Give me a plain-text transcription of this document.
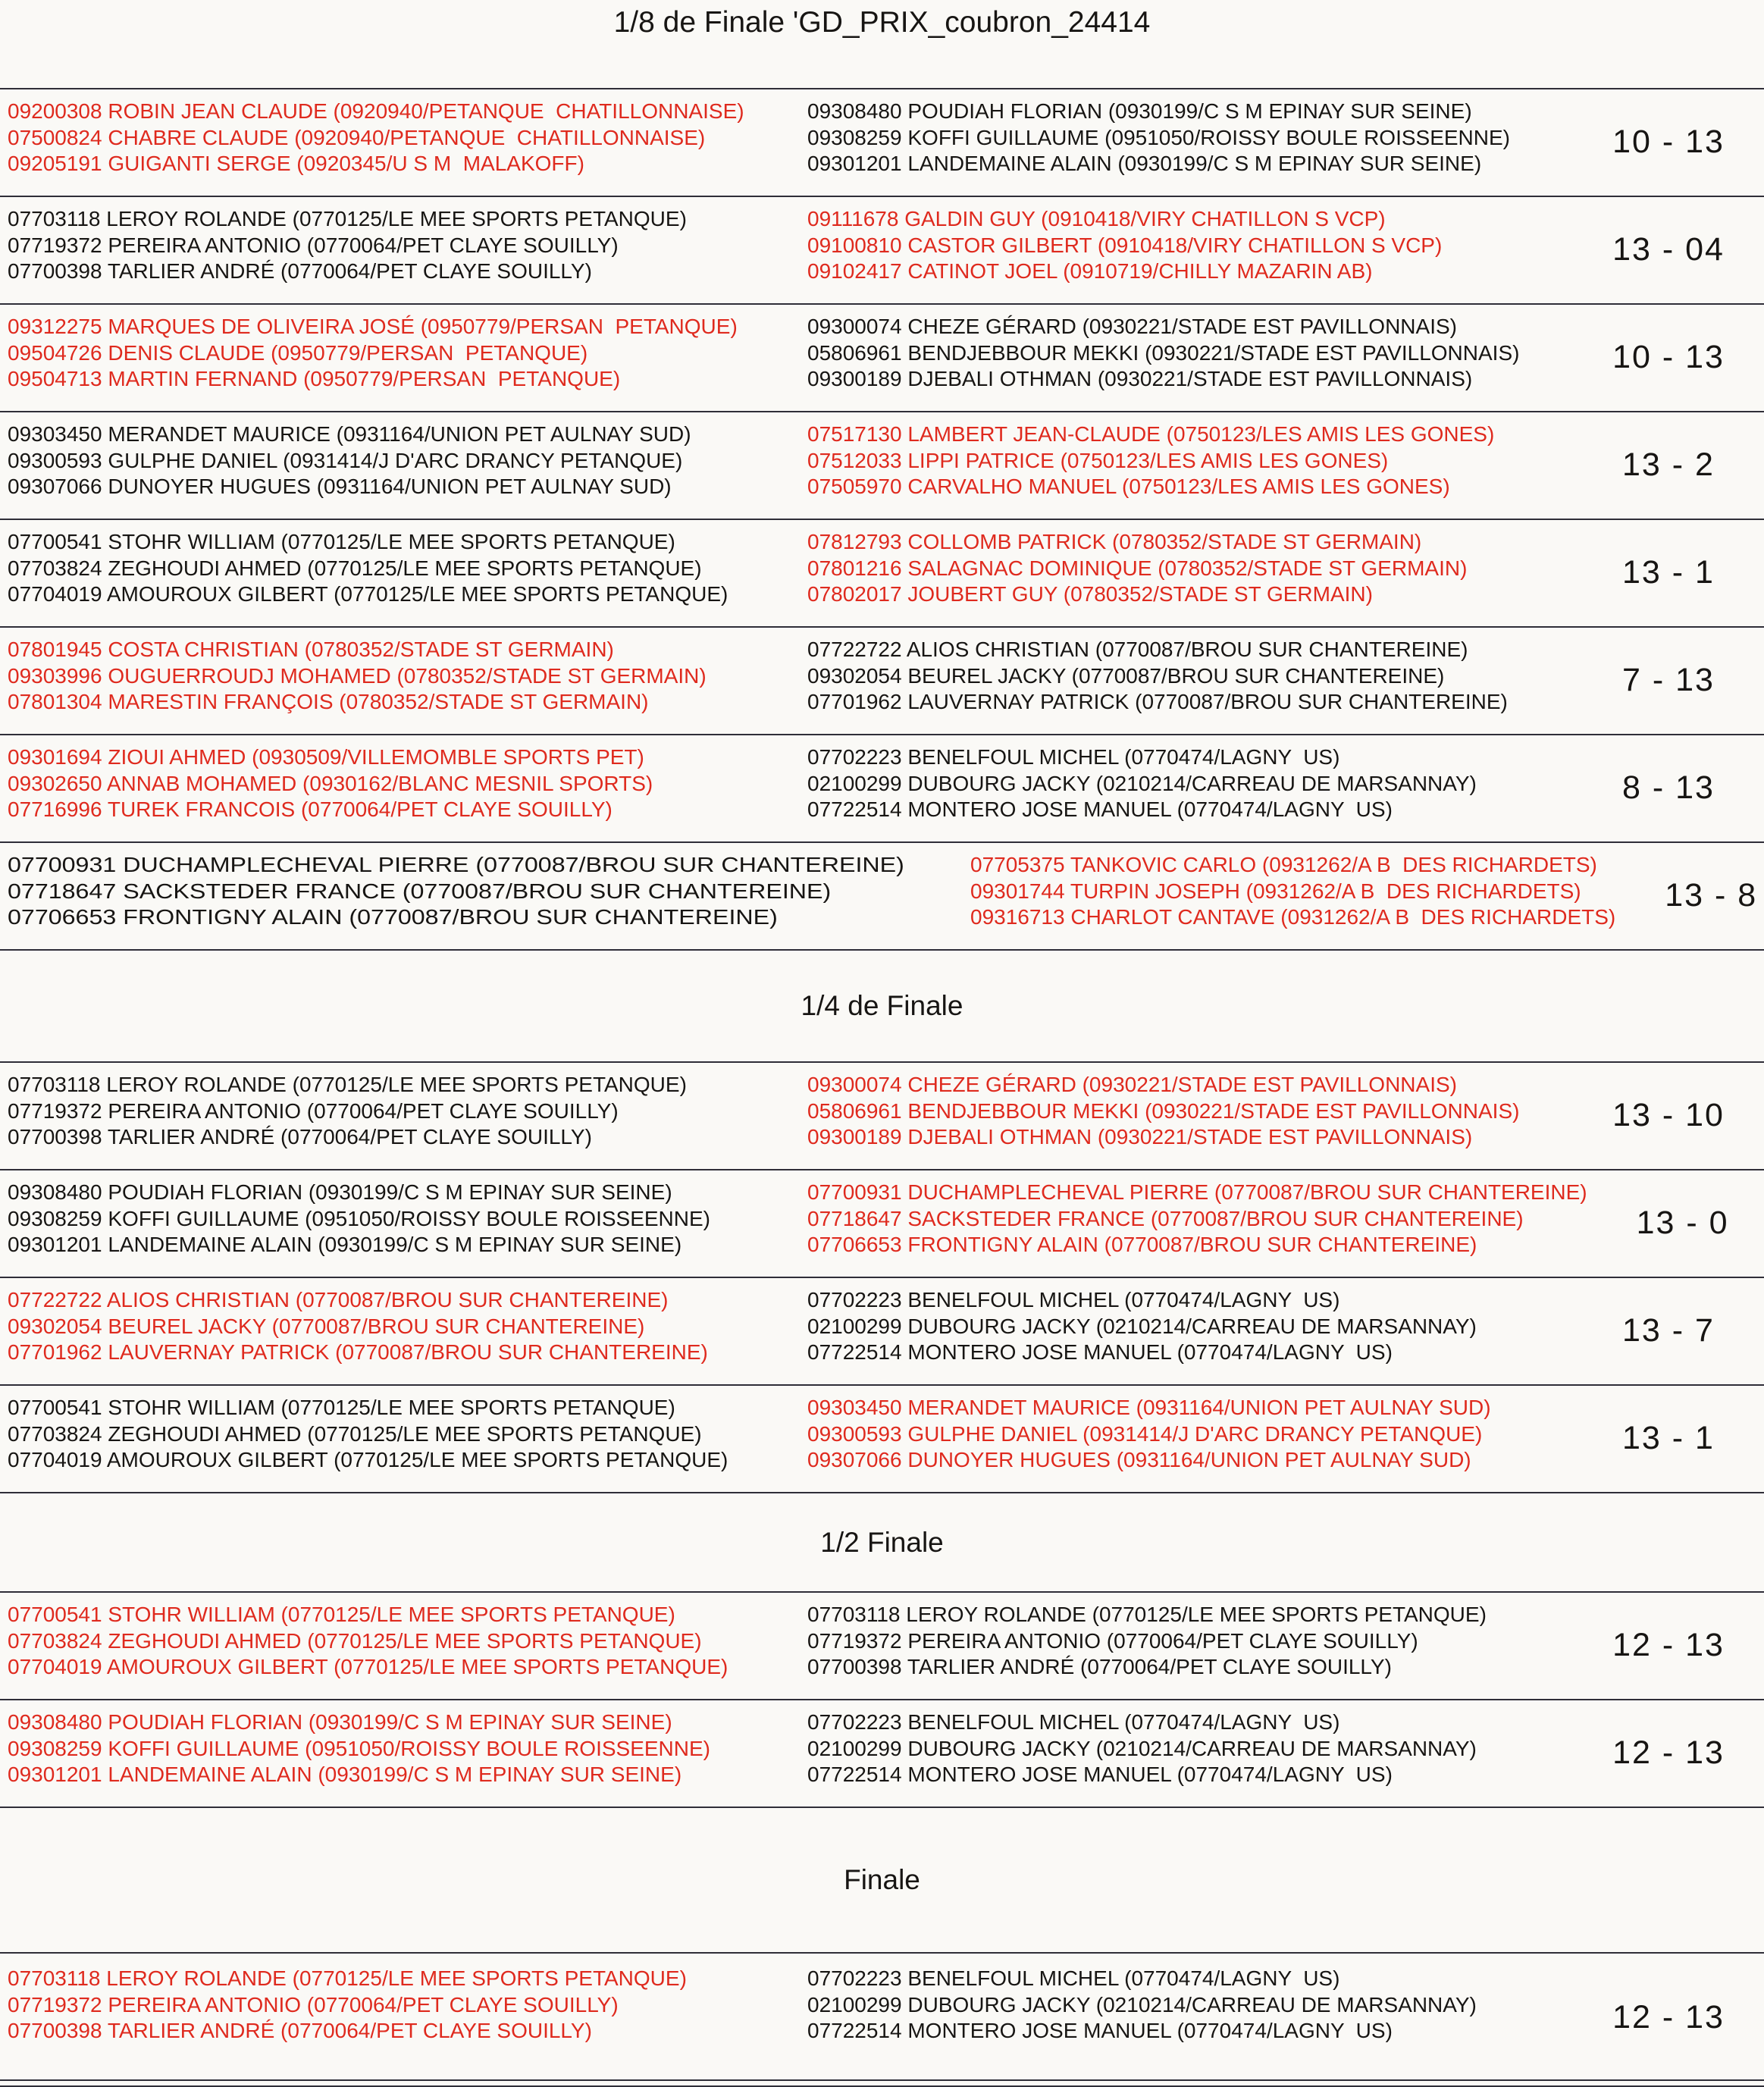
1/8 de Finale 'GD_PRIX_coubron_24414
09200308 ROBIN JEAN CLAUDE (0920940/PETANQUE  CHATILLONNAISE)
07500824 CHABRE CLAUDE (0920940/PETANQUE  CHATILLONNAISE)
09205191 GUIGANTI SERGE (0920345/U S M  MALAKOFF)
09308480 POUDIAH FLORIAN (0930199/C S M EPINAY SUR SEINE)
09308259 KOFFI GUILLAUME (0951050/ROISSY BOULE ROISSEENNE)
09301201 LANDEMAINE ALAIN (0930199/C S M EPINAY SUR SEINE)
10 - 13
07703118 LEROY ROLANDE (0770125/LE MEE SPORTS PETANQUE)
07719372 PEREIRA ANTONIO (0770064/PET CLAYE SOUILLY)
07700398 TARLIER ANDRÉ (0770064/PET CLAYE SOUILLY)
09111678 GALDIN GUY (0910418/VIRY CHATILLON S VCP)
09100810 CASTOR GILBERT (0910418/VIRY CHATILLON S VCP)
09102417 CATINOT JOEL (0910719/CHILLY MAZARIN AB)
13 - 04
09312275 MARQUES DE OLIVEIRA JOSÉ (0950779/PERSAN  PETANQUE)
09504726 DENIS CLAUDE (0950779/PERSAN  PETANQUE)
09504713 MARTIN FERNAND (0950779/PERSAN  PETANQUE)
09300074 CHEZE GÉRARD (0930221/STADE EST PAVILLONNAIS)
05806961 BENDJEBBOUR MEKKI (0930221/STADE EST PAVILLONNAIS)
09300189 DJEBALI OTHMAN (0930221/STADE EST PAVILLONNAIS)
10 - 13
09303450 MERANDET MAURICE (0931164/UNION PET AULNAY SUD)
09300593 GULPHE DANIEL (0931414/J D'ARC DRANCY PETANQUE)
09307066 DUNOYER HUGUES (0931164/UNION PET AULNAY SUD)
07517130 LAMBERT JEAN-CLAUDE (0750123/LES AMIS LES GONES)
07512033 LIPPI PATRICE (0750123/LES AMIS LES GONES)
07505970 CARVALHO MANUEL (0750123/LES AMIS LES GONES)
13 - 2
07700541 STOHR WILLIAM (0770125/LE MEE SPORTS PETANQUE)
07703824 ZEGHOUDI AHMED (0770125/LE MEE SPORTS PETANQUE)
07704019 AMOUROUX GILBERT (0770125/LE MEE SPORTS PETANQUE)
07812793 COLLOMB PATRICK (0780352/STADE ST GERMAIN)
07801216 SALAGNAC DOMINIQUE (0780352/STADE ST GERMAIN)
07802017 JOUBERT GUY (0780352/STADE ST GERMAIN)
13 - 1
07801945 COSTA CHRISTIAN (0780352/STADE ST GERMAIN)
09303996 OUGUERROUDJ MOHAMED (0780352/STADE ST GERMAIN)
07801304 MARESTIN FRANÇOIS (0780352/STADE ST GERMAIN)
07722722 ALIOS CHRISTIAN (0770087/BROU SUR CHANTEREINE)
09302054 BEUREL JACKY (0770087/BROU SUR CHANTEREINE)
07701962 LAUVERNAY PATRICK (0770087/BROU SUR CHANTEREINE)
7 - 13
09301694 ZIOUI AHMED (0930509/VILLEMOMBLE SPORTS PET)
09302650 ANNAB MOHAMED (0930162/BLANC MESNIL SPORTS)
07716996 TUREK FRANCOIS (0770064/PET CLAYE SOUILLY)
07702223 BENELFOUL MICHEL (0770474/LAGNY  US)
02100299 DUBOURG JACKY (0210214/CARREAU DE MARSANNAY)
07722514 MONTERO JOSE MANUEL (0770474/LAGNY  US)
8 - 13
07700931 DUCHAMPLECHEVAL PIERRE (0770087/BROU SUR CHANTEREINE)
07718647 SACKSTEDER FRANCE (0770087/BROU SUR CHANTEREINE)
07706653 FRONTIGNY ALAIN (0770087/BROU SUR CHANTEREINE)
07705375 TANKOVIC CARLO (0931262/A B  DES RICHARDETS)
09301744 TURPIN JOSEPH (0931262/A B  DES RICHARDETS)
09316713 CHARLOT CANTAVE (0931262/A B  DES RICHARDETS)
13 - 8
1/4 de Finale
07703118 LEROY ROLANDE (0770125/LE MEE SPORTS PETANQUE)
07719372 PEREIRA ANTONIO (0770064/PET CLAYE SOUILLY)
07700398 TARLIER ANDRÉ (0770064/PET CLAYE SOUILLY)
09300074 CHEZE GÉRARD (0930221/STADE EST PAVILLONNAIS)
05806961 BENDJEBBOUR MEKKI (0930221/STADE EST PAVILLONNAIS)
09300189 DJEBALI OTHMAN (0930221/STADE EST PAVILLONNAIS)
13 - 10
09308480 POUDIAH FLORIAN (0930199/C S M EPINAY SUR SEINE)
09308259 KOFFI GUILLAUME (0951050/ROISSY BOULE ROISSEENNE)
09301201 LANDEMAINE ALAIN (0930199/C S M EPINAY SUR SEINE)
07700931 DUCHAMPLECHEVAL PIERRE (0770087/BROU SUR CHANTEREINE)
07718647 SACKSTEDER FRANCE (0770087/BROU SUR CHANTEREINE)
07706653 FRONTIGNY ALAIN (0770087/BROU SUR CHANTEREINE)
13 - 0
07722722 ALIOS CHRISTIAN (0770087/BROU SUR CHANTEREINE)
09302054 BEUREL JACKY (0770087/BROU SUR CHANTEREINE)
07701962 LAUVERNAY PATRICK (0770087/BROU SUR CHANTEREINE)
07702223 BENELFOUL MICHEL (0770474/LAGNY  US)
02100299 DUBOURG JACKY (0210214/CARREAU DE MARSANNAY)
07722514 MONTERO JOSE MANUEL (0770474/LAGNY  US)
13 - 7
07700541 STOHR WILLIAM (0770125/LE MEE SPORTS PETANQUE)
07703824 ZEGHOUDI AHMED (0770125/LE MEE SPORTS PETANQUE)
07704019 AMOUROUX GILBERT (0770125/LE MEE SPORTS PETANQUE)
09303450 MERANDET MAURICE (0931164/UNION PET AULNAY SUD)
09300593 GULPHE DANIEL (0931414/J D'ARC DRANCY PETANQUE)
09307066 DUNOYER HUGUES (0931164/UNION PET AULNAY SUD)
13 - 1
1/2 Finale
07700541 STOHR WILLIAM (0770125/LE MEE SPORTS PETANQUE)
07703824 ZEGHOUDI AHMED (0770125/LE MEE SPORTS PETANQUE)
07704019 AMOUROUX GILBERT (0770125/LE MEE SPORTS PETANQUE)
07703118 LEROY ROLANDE (0770125/LE MEE SPORTS PETANQUE)
07719372 PEREIRA ANTONIO (0770064/PET CLAYE SOUILLY)
07700398 TARLIER ANDRÉ (0770064/PET CLAYE SOUILLY)
12 - 13
09308480 POUDIAH FLORIAN (0930199/C S M EPINAY SUR SEINE)
09308259 KOFFI GUILLAUME (0951050/ROISSY BOULE ROISSEENNE)
09301201 LANDEMAINE ALAIN (0930199/C S M EPINAY SUR SEINE)
07702223 BENELFOUL MICHEL (0770474/LAGNY  US)
02100299 DUBOURG JACKY (0210214/CARREAU DE MARSANNAY)
07722514 MONTERO JOSE MANUEL (0770474/LAGNY  US)
12 - 13
Finale
07703118 LEROY ROLANDE (0770125/LE MEE SPORTS PETANQUE)
07719372 PEREIRA ANTONIO (0770064/PET CLAYE SOUILLY)
07700398 TARLIER ANDRÉ (0770064/PET CLAYE SOUILLY)
07702223 BENELFOUL MICHEL (0770474/LAGNY  US)
02100299 DUBOURG JACKY (0210214/CARREAU DE MARSANNAY)
07722514 MONTERO JOSE MANUEL (0770474/LAGNY  US)	12 - 13
